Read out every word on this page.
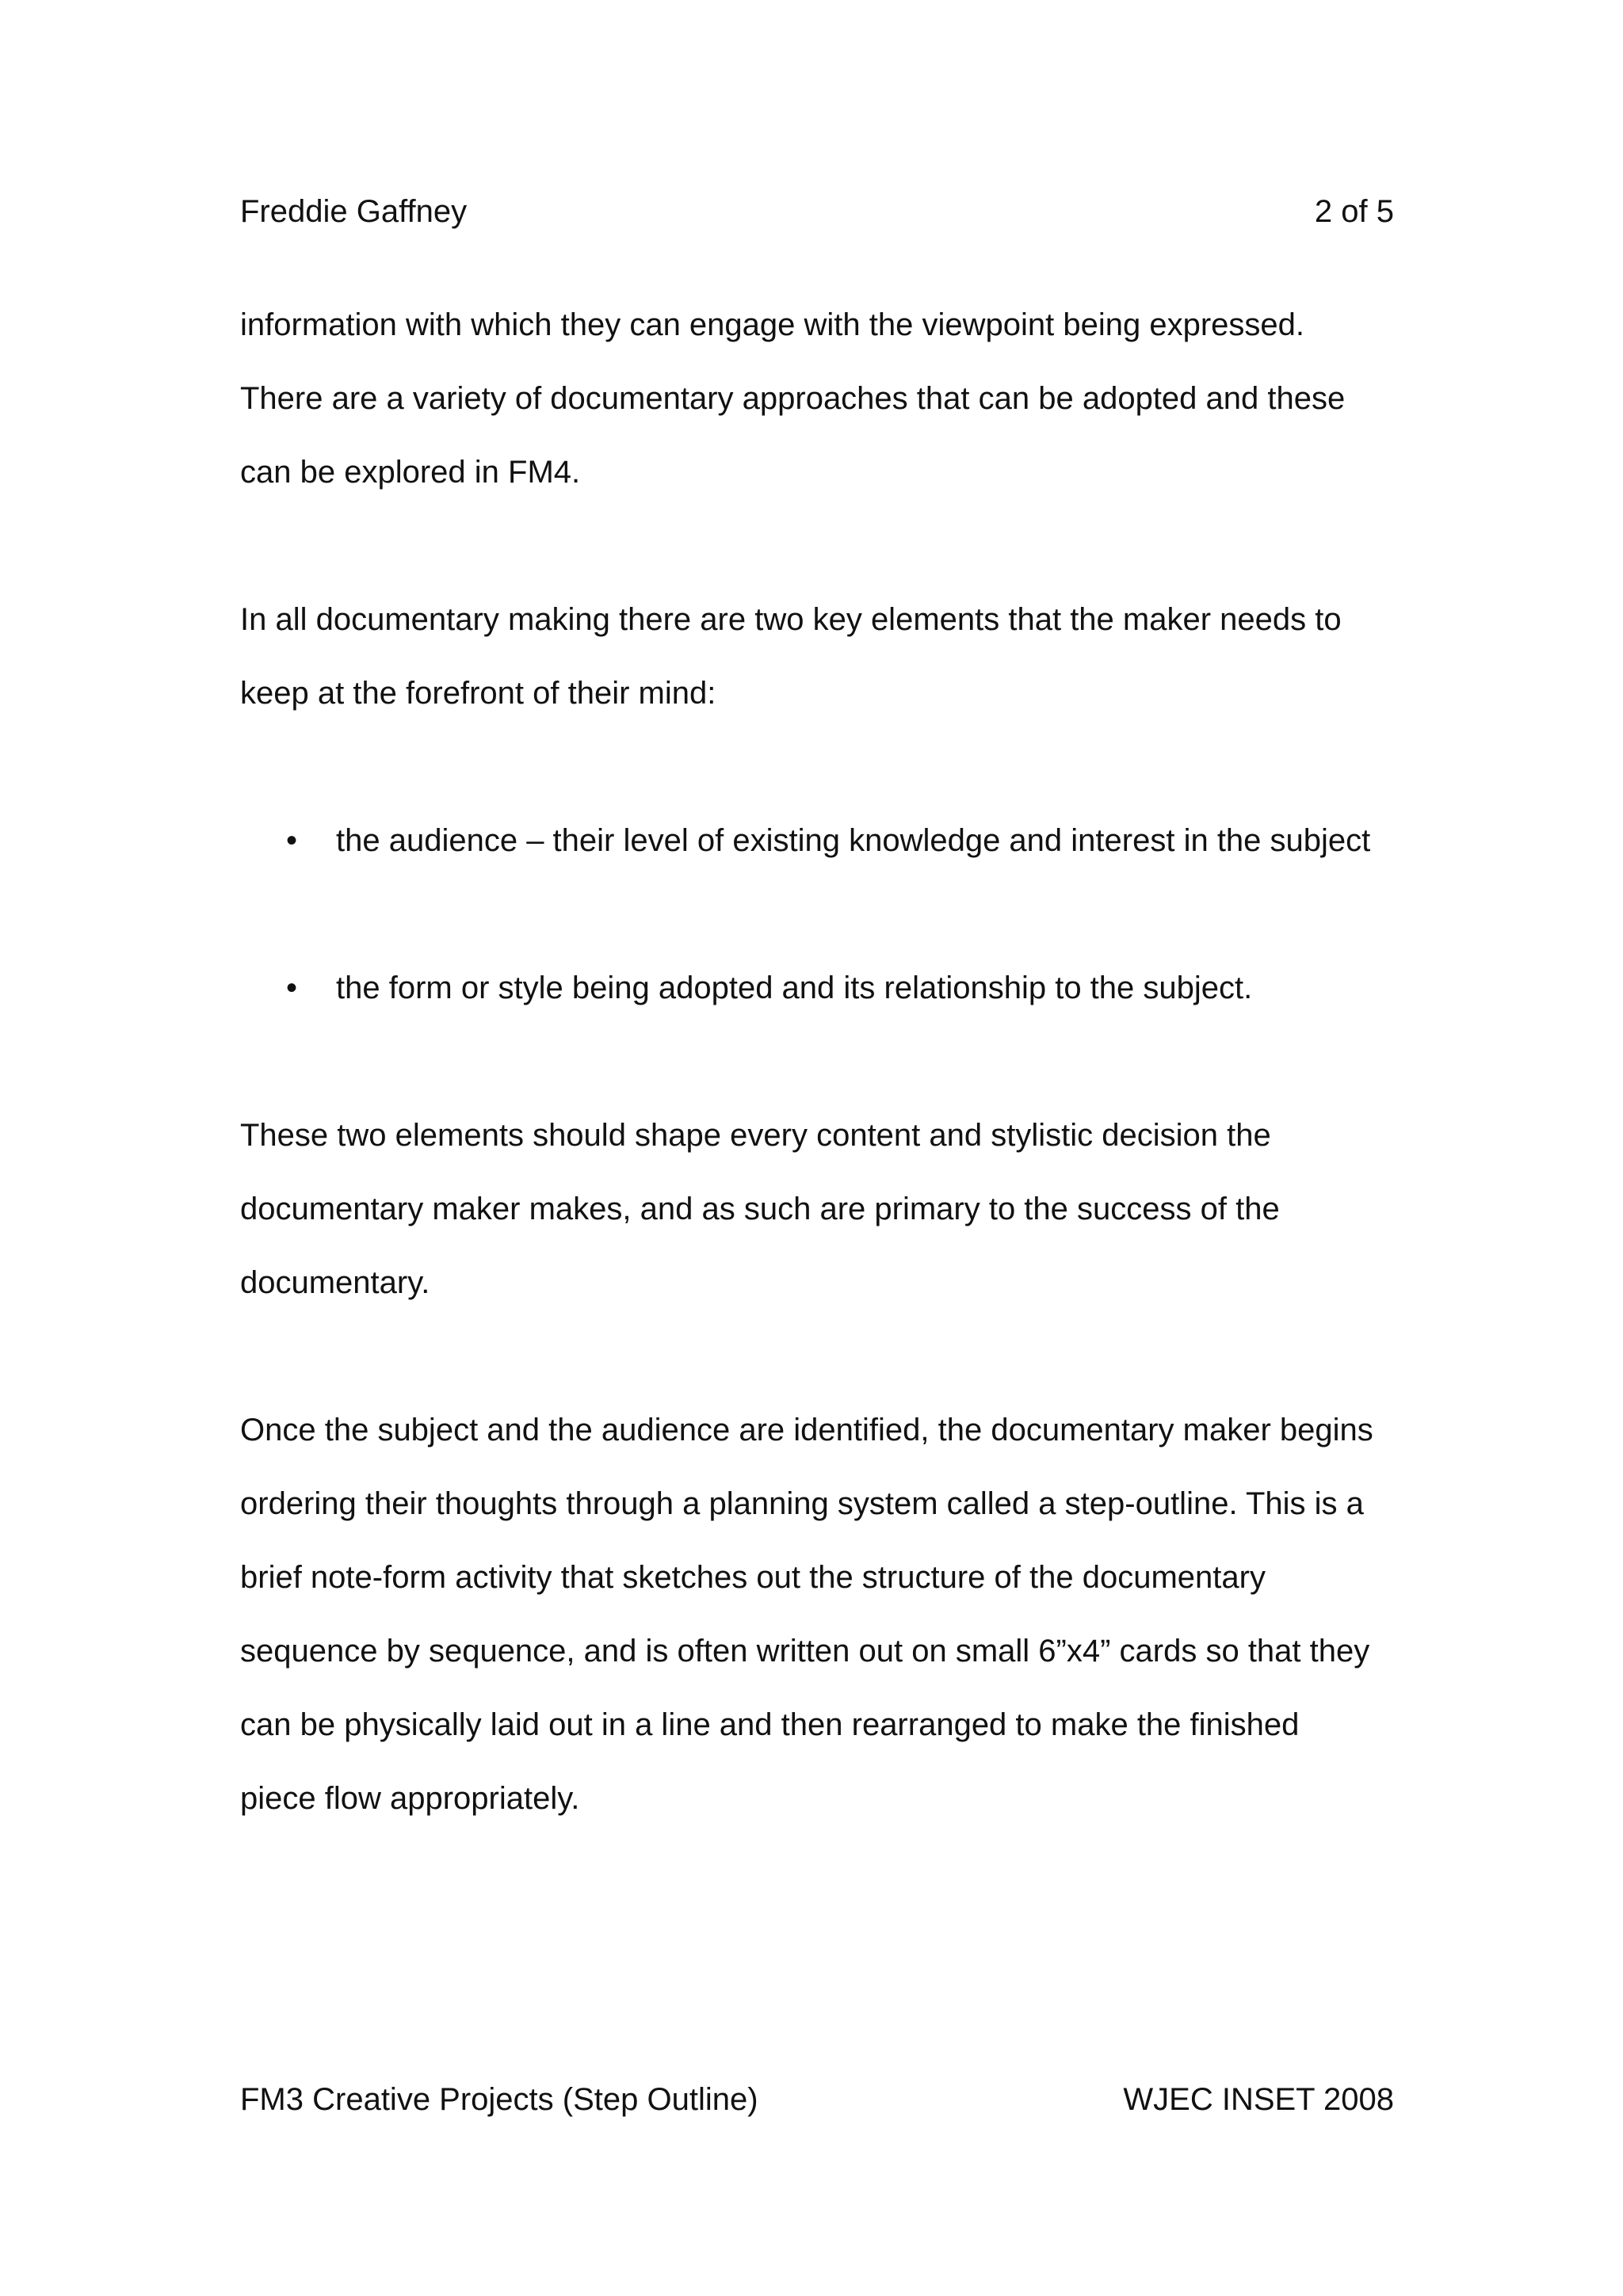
Freddie Gaffney	2 of 5

information with which they can engage with the viewpoint being expressed.

There are a variety of documentary approaches that can be adopted and these

can be explored in FM4.

In all documentary making there are two key elements that the maker needs to

keep at the forefront of their mind:

• the audience – their level of existing knowledge and interest in the subject
• the form or style being adopted and its relationship to the subject.

These two elements should shape every content and stylistic decision the

documentary maker makes, and as such are primary to the success of the

documentary.

Once the subject and the audience are identified, the documentary maker begins

ordering their thoughts through a planning system called a step-outline. This is a

brief note-form activity that sketches out the structure of the documentary

sequence by sequence, and is often written out on small 6”x4” cards so that they

can be physically laid out in a line and then rearranged to make the finished

piece flow appropriately.

FM3 Creative Projects (Step Outline)	WJEC INSET 2008
